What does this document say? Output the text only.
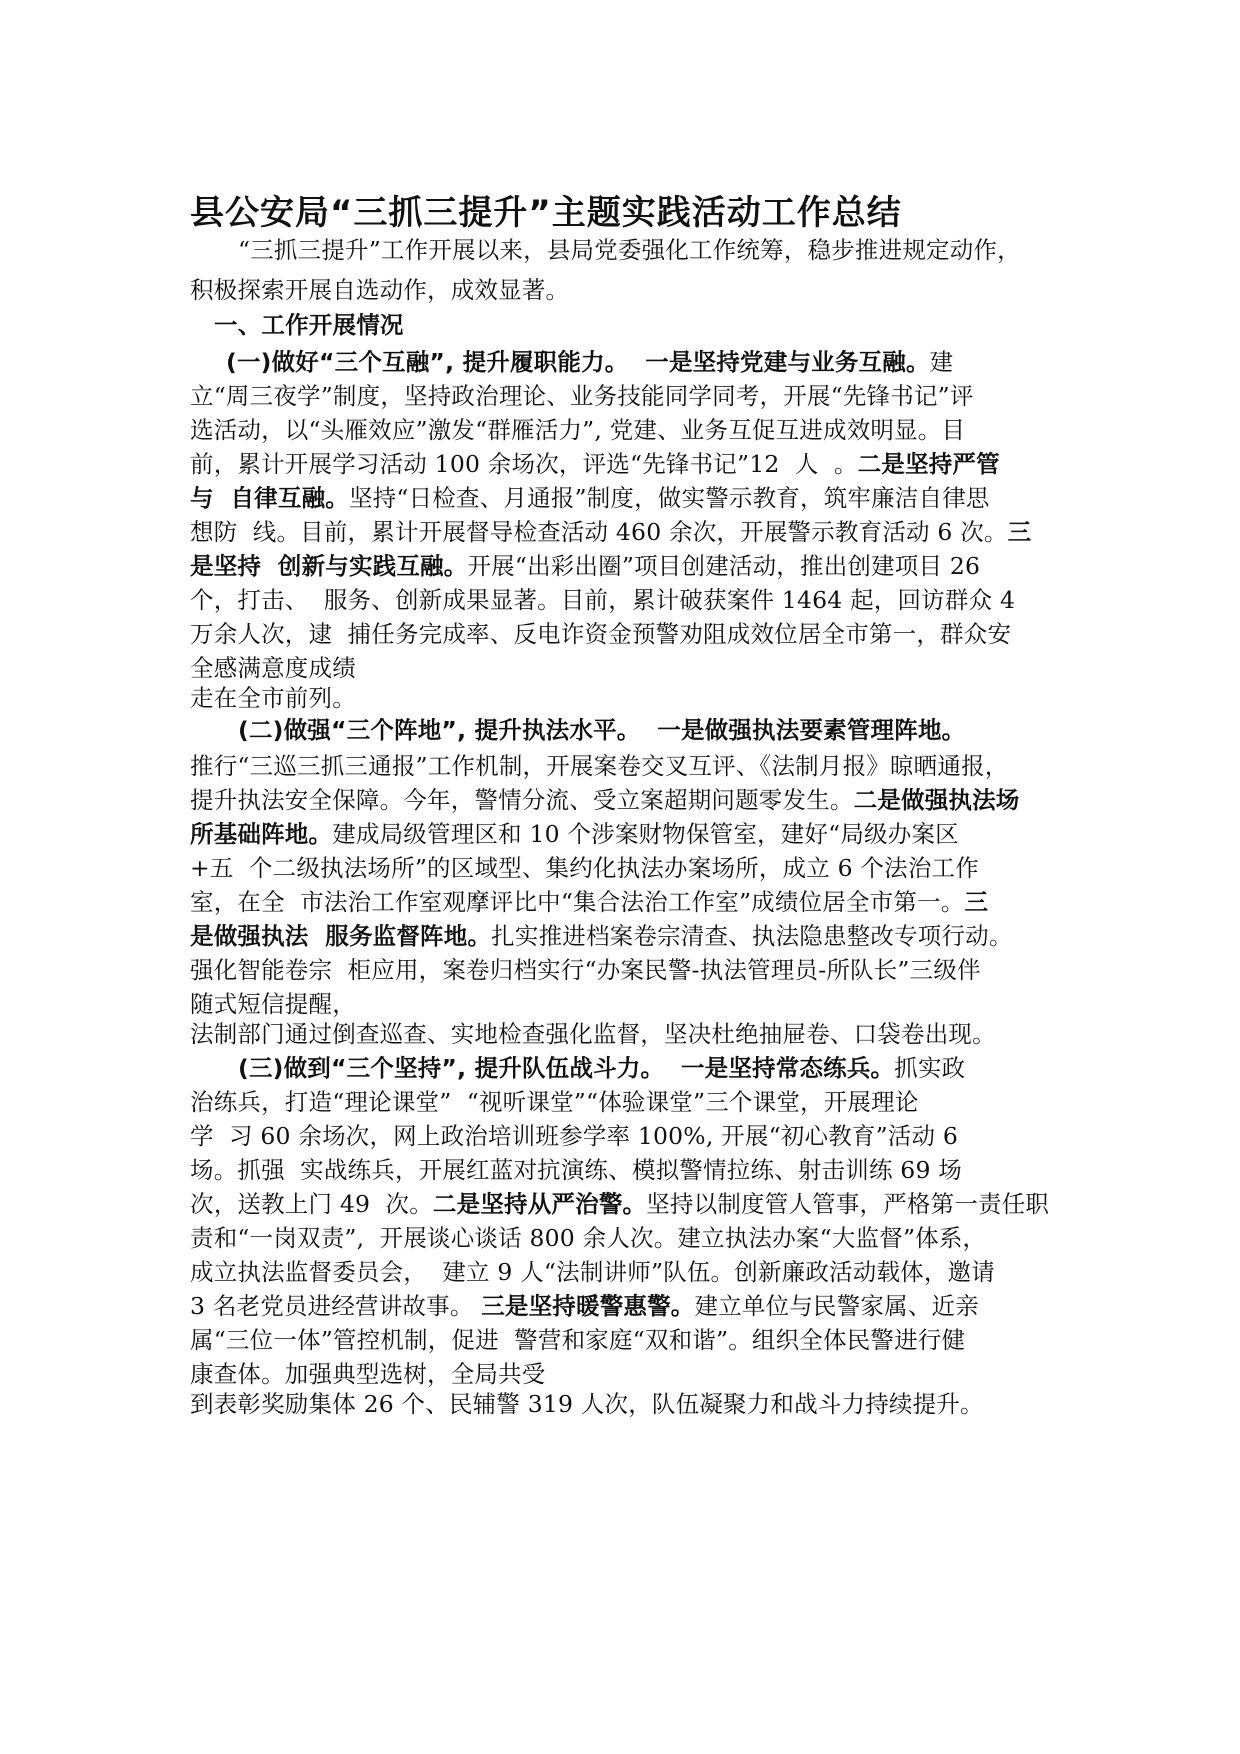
县公安局“三抓三提升”主题实践活动工作总结
“三抓三提升”工作开展以来，县局党委强化工作统筹，稳步推进规定动作，
积极探索开展自选动作，成效显著。
一、工作开展情况
(一)做好“三个互融”, 提升履职能力。  一是坚持党建与业务互融。建
立“周三夜学”制度，坚持政治理论、业务技能同学同考，开展“先锋书记”评
选活动，以“头雁效应”激发“群雁活力”, 党建、业务互促互进成效明显。目
前，累计开展学习活动 100 余场次，评选“先锋书记”12  人  。二是坚持严管
与  自律互融。坚持“日检查、月通报”制度，做实警示教育，筑牢廉洁自律思
想防  线。目前，累计开展督导检查活动 460 余次，开展警示教育活动 6 次。三
是坚持  创新与实践互融。开展“出彩出圈”项目创建活动，推出创建项目 26
个，打击、  服务、创新成果显著。目前，累计破获案件 1464 起，回访群众 4
万余人次，逮  捕任务完成率、反电诈资金预警劝阻成效位居全市第一，群众安
全感满意度成绩
走在全市前列。
(二)做强“三个阵地”, 提升执法水平。  一是做强执法要素管理阵地。
推行“三巡三抓三通报”工作机制，开展案卷交叉互评、《法制月报》晾晒通报，
提升执法安全保障。今年，警情分流、受立案超期问题零发生。二是做强执法场
所基础阵地。建成局级管理区和 10 个涉案财物保管室，建好“局级办案区
+五  个二级执法场所”的区域型、集约化执法办案场所，成立 6 个法治工作
室，在全  市法治工作室观摩评比中“集合法治工作室”成绩位居全市第一。三
是做强执法  服务监督阵地。扎实推进档案卷宗清查、执法隐患整改专项行动。
强化智能卷宗  柜应用，案卷归档实行“办案民警-执法管理员-所队长”三级伴
随式短信提醒，
法制部门通过倒查巡查、实地检查强化监督，坚决杜绝抽屉卷、口袋卷出现。
(三)做到“三个坚持”, 提升队伍战斗力。  一是坚持常态练兵。抓实政
治练兵，打造“理论课堂”  “视听课堂”“体验课堂”三个课堂，开展理论
学  习 60 余场次，网上政治培训班参学率 100%, 开展“初心教育”活动 6
场。抓强  实战练兵，开展红蓝对抗演练、模拟警情拉练、射击训练 69 场
次，送教上门 49  次。二是坚持从严治警。坚持以制度管人管事，严格第一责任职
责和“一岗双责”,  开展谈心谈话 800 余人次。建立执法办案“大监督”体系，
成立执法监督委员会，  建立 9 人“法制讲师”队伍。创新廉政活动载体，邀请
3 名老党员进经营讲故事。 三是坚持暖警惠警。建立单位与民警家属、近亲
属“三位一体”管控机制，促进  警营和家庭“双和谐”。组织全体民警进行健
康查体。加强典型选树，全局共受
到表彰奖励集体 26 个、民辅警 319 人次，队伍凝聚力和战斗力持续提升。
